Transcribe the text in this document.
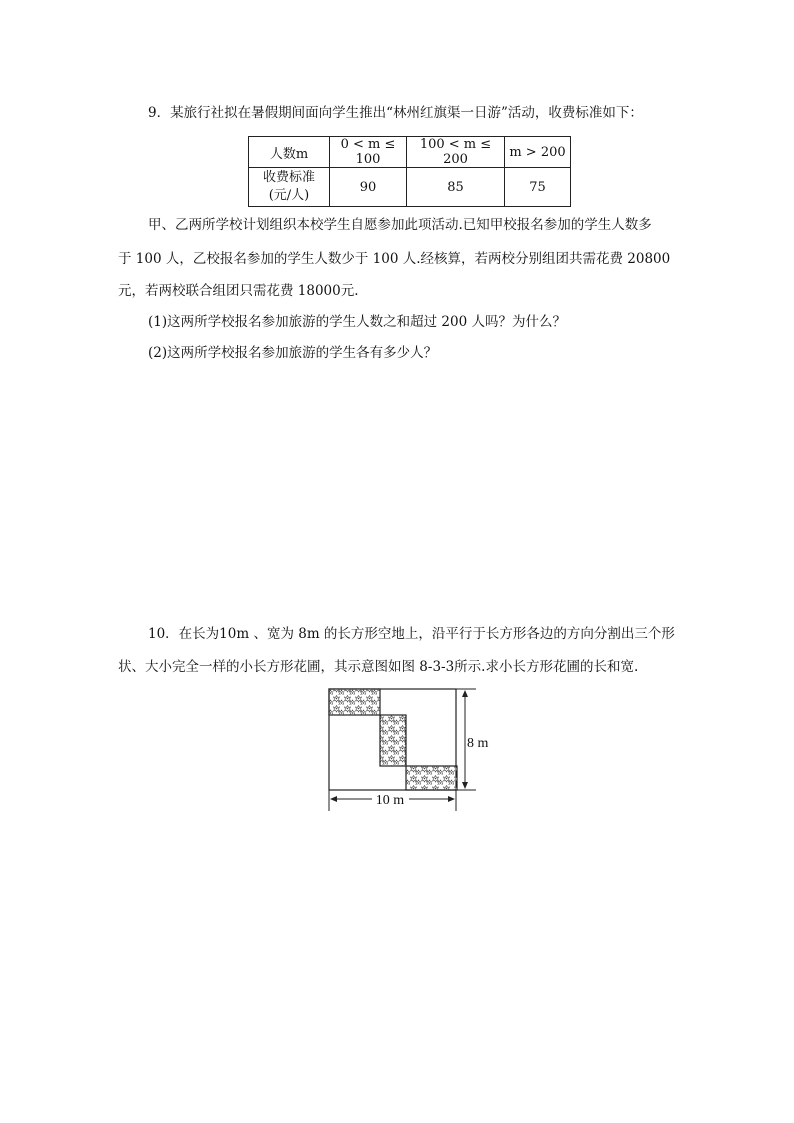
9．某旅行社拟在暑假期间面向学生推出“林州红旗渠一日游”活动，收费标准如下：
人数m	0 < m ≤ 100	100 < m ≤ 200	m > 200

收费标准
(元/人)	90	85	75
甲、乙两所学校计划组织本校学生自愿参加此项活动.已知甲校报名参加的学生人数多
于 100 人，乙校报名参加的学生人数少于 100 人.经核算，若两校分别组团共需花费 20800
元，若两校联合组团只需花费 18000元.
(1)这两所学校报名参加旅游的学生人数之和超过 200 人吗？为什么？
(2)这两所学校报名参加旅游的学生各有多少人？
10．在长为10m 、宽为 8m 的长方形空地上，沿平行于长方形各边的方向分割出三个形
状、大小完全一样的小长方形花圃，其示意图如图 8-3-3所示.求小长方形花圃的长和宽.
8 m
10 m
